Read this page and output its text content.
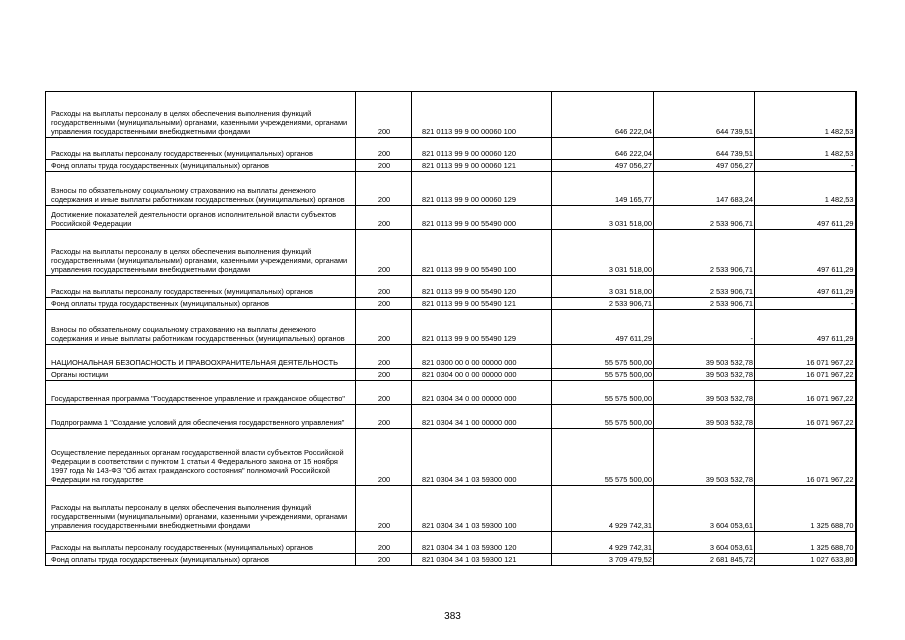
Расходы на выплаты персоналу в целях обеспечения выполнения функций государственными (муниципальными) органами, казенными учреждениями, органами управления государственными внебюджетными фондами	200	821 0113 99 9 00 00060 100	646 222,04	644 739,51	1 482,53
Расходы на выплаты персоналу государственных (муниципальных) органов	200	821 0113 99 9 00 00060 120	646 222,04	644 739,51	1 482,53
Фонд оплаты труда государственных (муниципальных) органов	200	821 0113 99 9 00 00060 121	497 056,27	497 056,27	-
Взносы по обязательному социальному страхованию на выплаты денежного содержания и иные выплаты работникам государственных (муниципальных) органов	200	821 0113 99 9 00 00060 129	149 165,77	147 683,24	1 482,53
Достижение показателей деятельности органов исполнительной власти субъектов Российской Федерации	200	821 0113 99 9 00 55490 000	3 031 518,00	2 533 906,71	497 611,29
Расходы на выплаты персоналу в целях обеспечения выполнения функций государственными (муниципальными) органами, казенными учреждениями, органами управления государственными внебюджетными фондами	200	821 0113 99 9 00 55490 100	3 031 518,00	2 533 906,71	497 611,29
Расходы на выплаты персоналу государственных (муниципальных) органов	200	821 0113 99 9 00 55490 120	3 031 518,00	2 533 906,71	497 611,29
Фонд оплаты труда государственных (муниципальных) органов	200	821 0113 99 9 00 55490 121	2 533 906,71	2 533 906,71	-
Взносы по обязательному социальному страхованию на выплаты денежного содержания и иные выплаты работникам государственных (муниципальных) органов	200	821 0113 99 9 00 55490 129	497 611,29	-	497 611,29
НАЦИОНАЛЬНАЯ БЕЗОПАСНОСТЬ И ПРАВООХРАНИТЕЛЬНАЯ ДЕЯТЕЛЬНОСТЬ	200	821 0300 00 0 00 00000 000	55 575 500,00	39 503 532,78	16 071 967,22
Органы юстиции	200	821 0304 00 0 00 00000 000	55 575 500,00	39 503 532,78	16 071 967,22
Государственная программа "Государственное управление и гражданское общество"	200	821 0304 34 0 00 00000 000	55 575 500,00	39 503 532,78	16 071 967,22
Подпрограмма 1 "Создание условий для обеспечения государственного управления"	200	821 0304 34 1 00 00000 000	55 575 500,00	39 503 532,78	16 071 967,22
Осуществление переданных органам государственной власти субъектов Российской Федерации в соответствии с пунктом 1 статьи 4 Федерального закона от 15 ноября 1997 года № 143-ФЗ "Об актах гражданского состояния" полномочий Российской Федерации на государстве	200	821 0304 34 1 03 59300 000	55 575 500,00	39 503 532,78	16 071 967,22
Расходы на выплаты персоналу в целях обеспечения выполнения функций государственными (муниципальными) органами, казенными учреждениями, органами управления государственными внебюджетными фондами	200	821 0304 34 1 03 59300 100	4 929 742,31	3 604 053,61	1 325 688,70
Расходы на выплаты персоналу государственных (муниципальных) органов	200	821 0304 34 1 03 59300 120	4 929 742,31	3 604 053,61	1 325 688,70
Фонд оплаты труда государственных (муниципальных) органов	200	821 0304 34 1 03 59300 121	3 709 479,52	2 681 845,72	1 027 633,80
383
